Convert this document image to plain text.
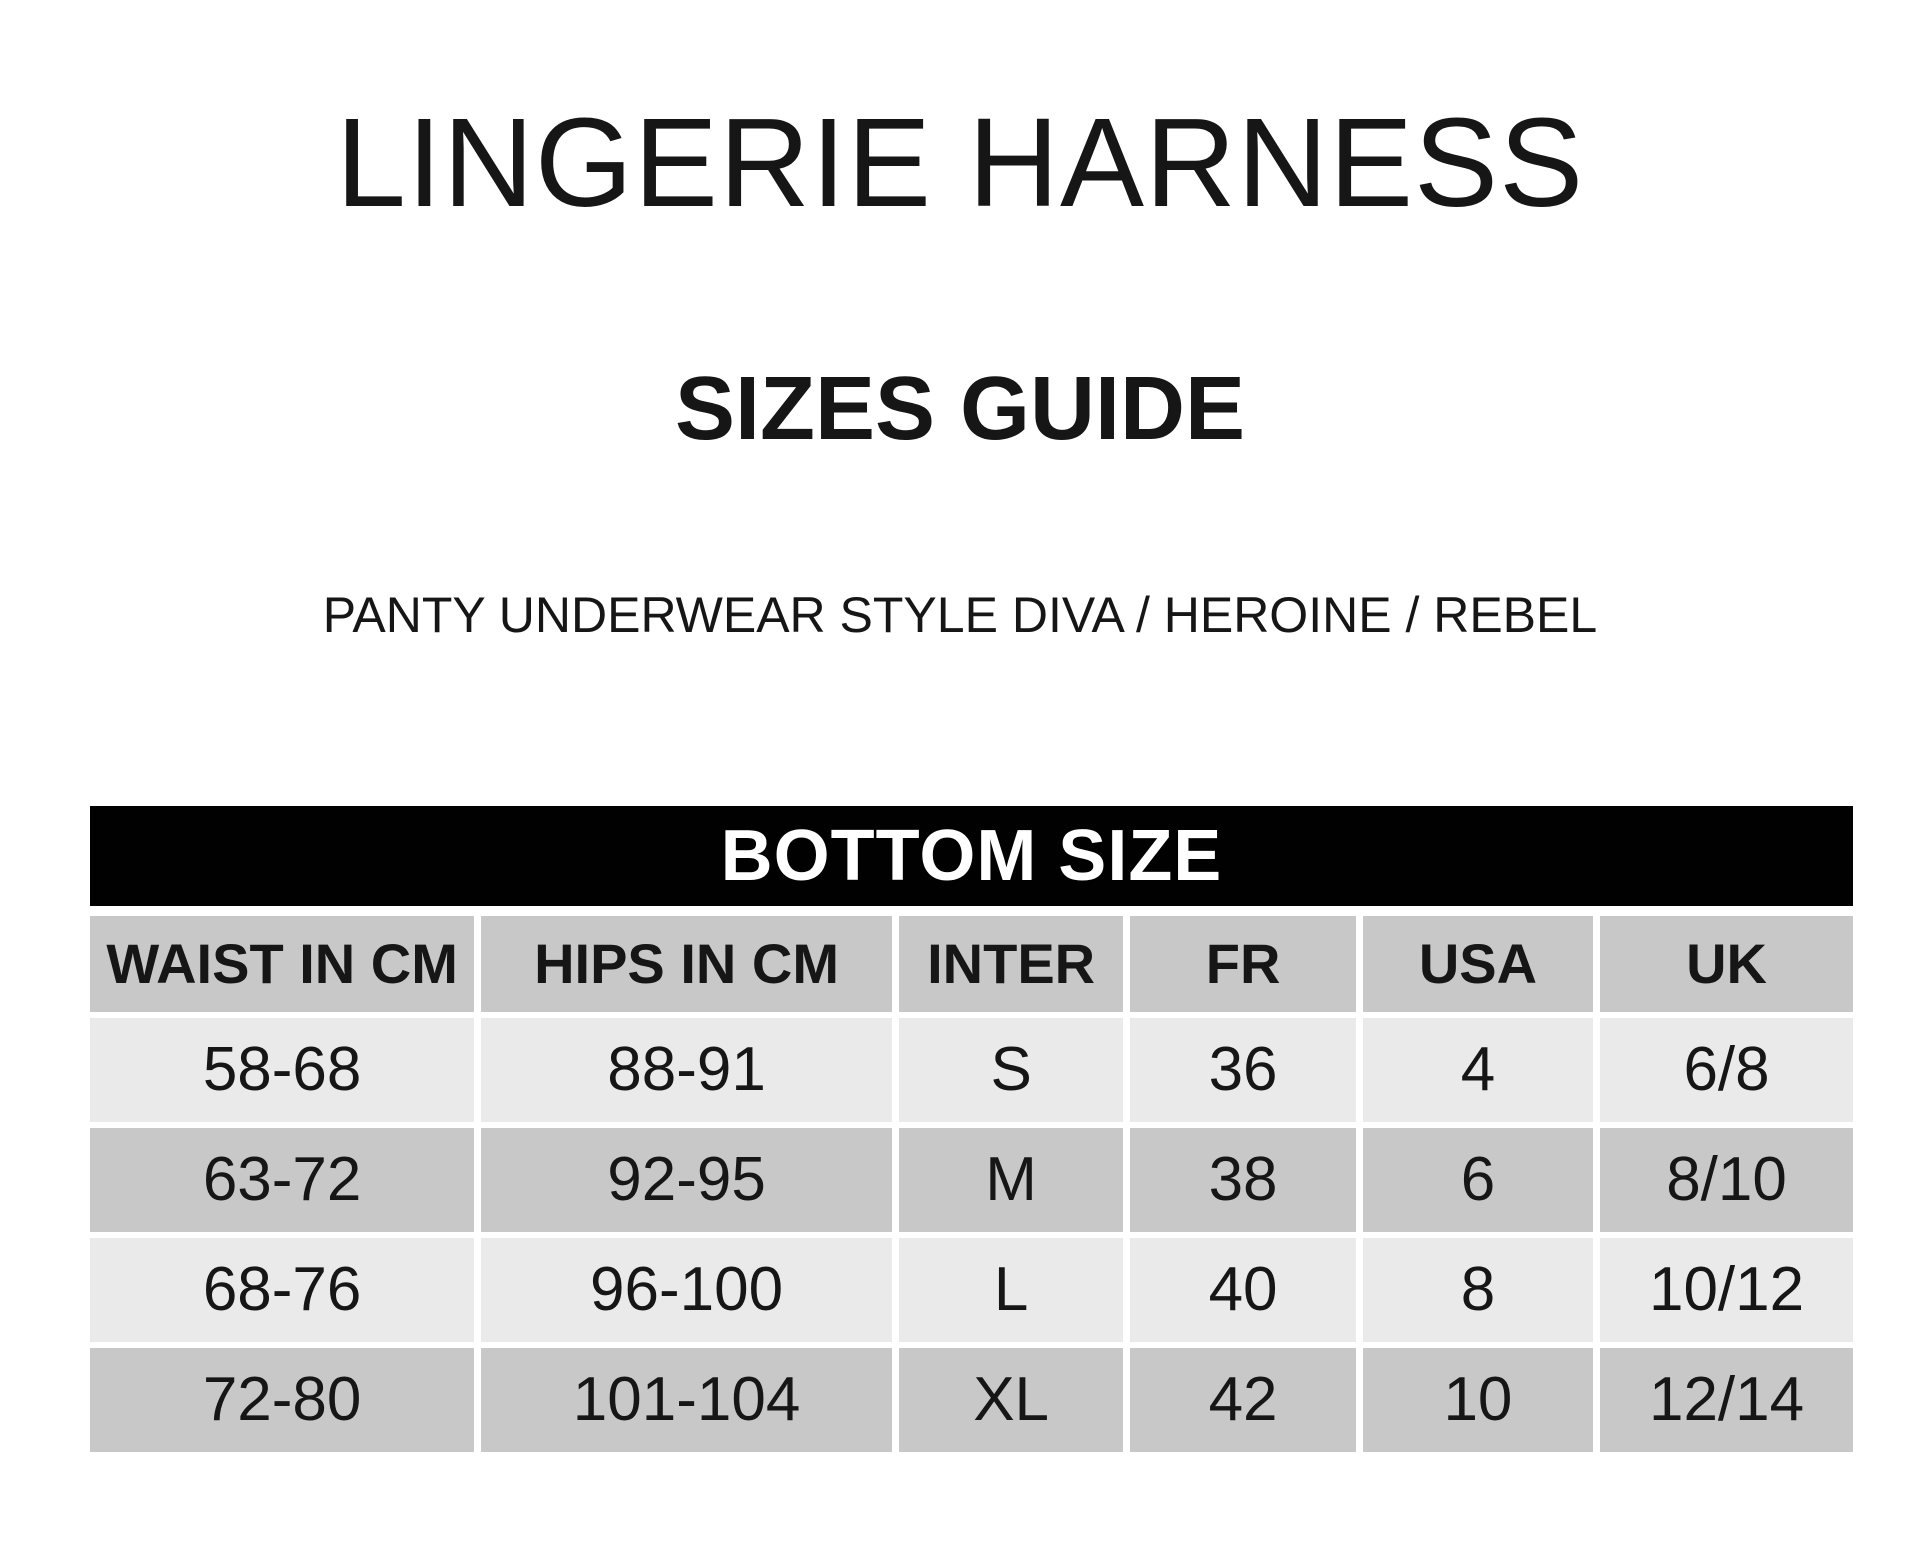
LINGERIE HARNESS
SIZES GUIDE
PANTY UNDERWEAR STYLE DIVA / HEROINE / REBEL
BOTTOM SIZE
WAIST IN CM	HIPS IN CM	INTER	FR	USA	UK
58-68	88-91	S	36	4	6/8
63-72	92-95	M	38	6	8/10
68-76	96-100	L	40	8	10/12
72-80	101-104	XL	42	10	12/14
